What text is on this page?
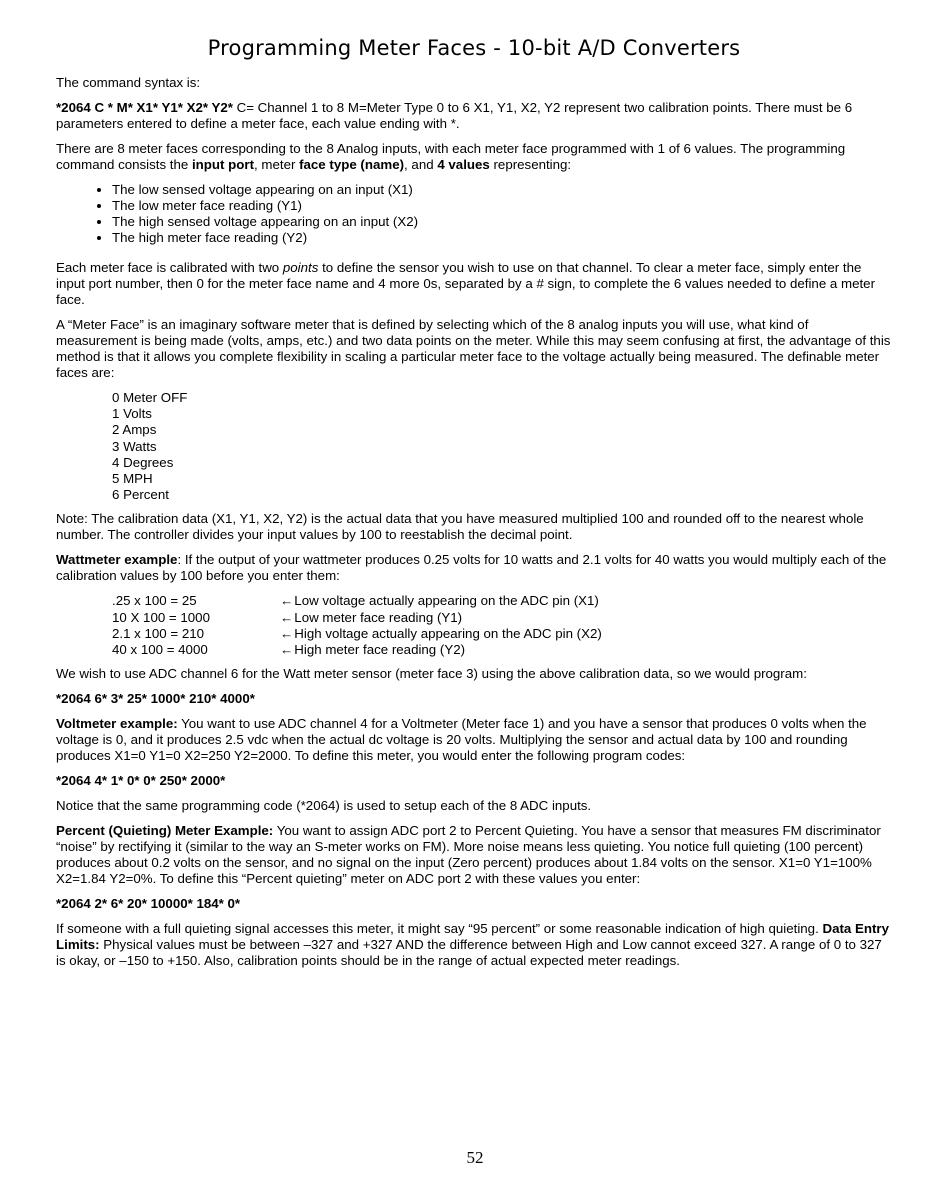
Programming Meter Faces - 10-bit A/D Converters

The command syntax is:

*2064 C * M* X1* Y1* X2* Y2* C= Channel 1 to 8 M=Meter Type 0 to 6 X1, Y1, X2, Y2 represent two calibration points. There must be 6 parameters entered to define a meter face, each value ending with *.

There are 8 meter faces corresponding to the 8 Analog inputs, with each meter face programmed with 1 of 6 values. The programming command consists the input port, meter face type (name), and 4 values representing:

• The low sensed voltage appearing on an input (X1)
• The low meter face reading (Y1)
• The high sensed voltage appearing on an input (X2)
• The high meter face reading (Y2)

Each meter face is calibrated with two points to define the sensor you wish to use on that channel. To clear a meter face, simply enter the input port number, then 0 for the meter face name and 4 more 0s, separated by a # sign, to complete the 6 values needed to define a meter face.

A “Meter Face” is an imaginary software meter that is defined by selecting which of the 8 analog inputs you will use, what kind of measurement is being made (volts, amps, etc.) and two data points on the meter. While this may seem confusing at first, the advantage of this method is that it allows you complete flexibility in scaling a particular meter face to the voltage actually being measured. The definable meter faces are:

0 Meter OFF
1 Volts
2 Amps
3 Watts
4 Degrees
5 MPH
6 Percent

Note: The calibration data (X1, Y1, X2, Y2) is the actual data that you have measured multiplied 100 and rounded off to the nearest whole number. The controller divides your input values by 100 to reestablish the decimal point.

Wattmeter example: If the output of your wattmeter produces 0.25 volts for 10 watts and 2.1 volts for 40 watts you would multiply each of the calibration values by 100 before you enter them:

.25 x 100 = 25	← Low voltage actually appearing on the ADC pin (X1)
10 X 100 = 1000	← Low meter face reading (Y1)
2.1 x 100 = 210	← High voltage actually appearing on the ADC pin (X2)
40 x 100 = 4000	← High meter face reading (Y2)

We wish to use ADC channel 6 for the Watt meter sensor (meter face 3) using the above calibration data, so we would program:

*2064 6* 3* 25* 1000* 210* 4000*

Voltmeter example: You want to use ADC channel 4 for a Voltmeter (Meter face 1) and you have a sensor that produces 0 volts when the voltage is 0, and it produces 2.5 vdc when the actual dc voltage is 20 volts. Multiplying the sensor and actual data by 100 and rounding produces X1=0 Y1=0 X2=250 Y2=2000. To define this meter, you would enter the following program codes:

*2064 4* 1* 0* 0* 250* 2000*

Notice that the same programming code (*2064) is used to setup each of the 8 ADC inputs.

Percent (Quieting) Meter Example: You want to assign ADC port 2 to Percent Quieting. You have a sensor that measures FM discriminator “noise” by rectifying it (similar to the way an S-meter works on FM). More noise means less quieting. You notice full quieting (100 percent) produces about 0.2 volts on the sensor, and no signal on the input (Zero percent) produces about 1.84 volts on the sensor. X1=0 Y1=100% X2=1.84 Y2=0%. To define this “Percent quieting” meter on ADC port 2 with these values you enter:

*2064 2* 6* 20* 10000* 184* 0*

If someone with a full quieting signal accesses this meter, it might say “95 percent” or some reasonable indication of high quieting. Data Entry Limits: Physical values must be between –327 and +327 AND the difference between High and Low cannot exceed 327. A range of 0 to 327 is okay, or –150 to +150. Also, calibration points should be in the range of actual expected meter readings.

52
